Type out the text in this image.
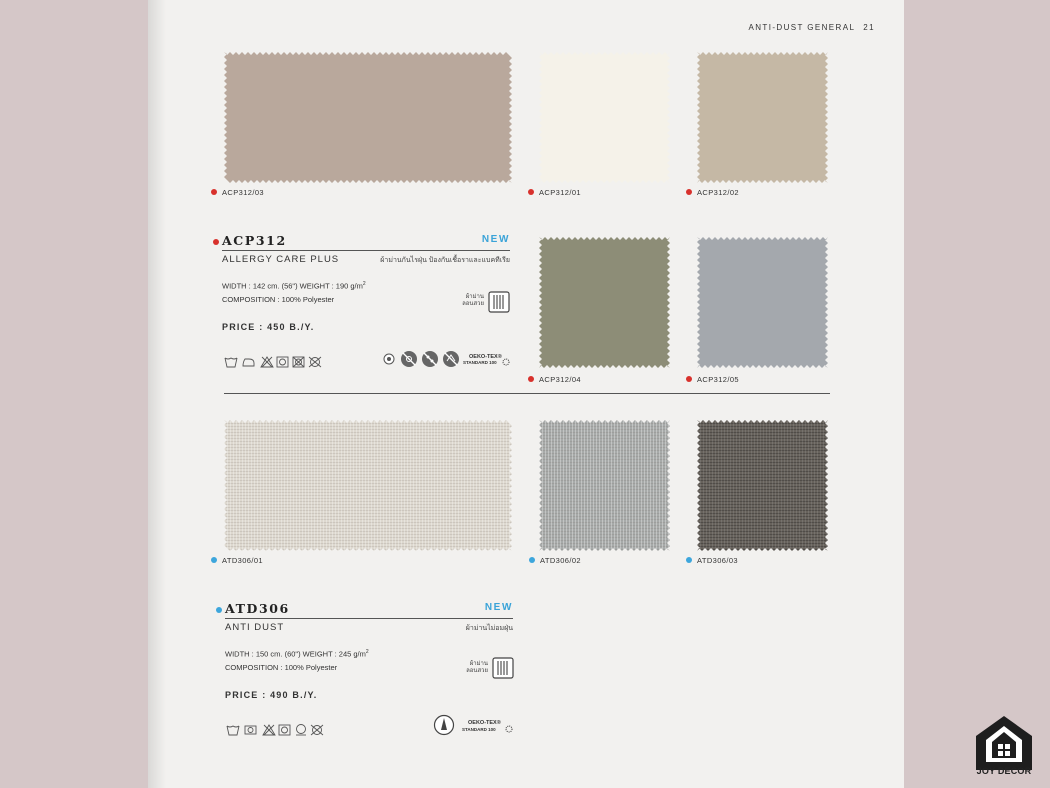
ANTI-DUST GENERAL 21
ACP312/03	ACP312/01	ACP312/02
ACP312/04	ACP312/05
ATD306/01	ATD306/02	ATD306/03
ACP312	NEW
ALLERGY CARE PLUS	ผ้าม่านกันไรฝุ่น ป้องกันเชื้อราและแบคทีเรีย
WIDTH : 142 cm. (56") WEIGHT : 190 $g/m^2$
COMPOSITION : 100% Polyester
PRICE : 450 B./Y.
ผ้าม่าน
ลอนสวย
OEKO-TEX®
STANDARD 100
ATD306	NEW
ANTI DUST	ผ้าม่านไม่อมฝุ่น
WIDTH : 150 cm. (60") WEIGHT : 245 $g/m^2$
COMPOSITION : 100% Polyester
PRICE : 490 B./Y.
ผ้าม่าน
ลอนสวย
OEKO-TEX®
STANDARD 100
JOY DECOR
